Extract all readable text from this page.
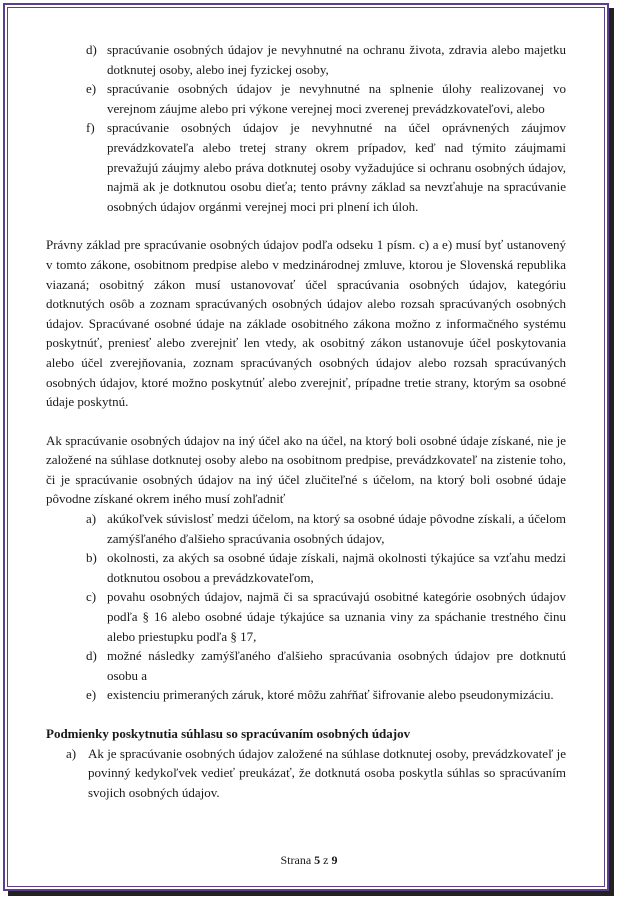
d) spracúvanie osobných údajov je nevyhnutné na ochranu života, zdravia alebo majetku dotknutej osoby, alebo inej fyzickej osoby,
e) spracúvanie osobných údajov je nevyhnutné na splnenie úlohy realizovanej vo verejnom záujme alebo pri výkone verejnej moci zverenej prevádzkovateľovi, alebo
f) spracúvanie osobných údajov je nevyhnutné na účel oprávnených záujmov prevádzkovateľa alebo tretej strany okrem prípadov, keď nad týmito záujmami prevažujú záujmy alebo práva dotknutej osoby vyžadujúce si ochranu osobných údajov, najmä ak je dotknutou osobu dieťa; tento právny základ sa nevzťahuje na spracúvanie osobných údajov orgánmi verejnej moci pri plnení ich úloh.

Právny základ pre spracúvanie osobných údajov podľa odseku 1 písm. c) a e) musí byť ustanovený v tomto zákone, osobitnom predpise alebo v medzinárodnej zmluve, ktorou je Slovenská republika viazaná; osobitný zákon musí ustanovovať účel spracúvania osobných údajov, kategóriu dotknutých osôb a zoznam spracúvaných osobných údajov alebo rozsah spracúvaných osobných údajov. Spracúvané osobné údaje na základe osobitného zákona možno z informačného systému poskytnúť, preniesť alebo zverejniť len vtedy, ak osobitný zákon ustanovuje účel poskytovania alebo účel zverejňovania, zoznam spracúvaných osobných údajov alebo rozsah spracúvaných osobných údajov, ktoré možno poskytnúť alebo zverejniť, prípadne tretie strany, ktorým sa osobné údaje poskytnú.

Ak spracúvanie osobných údajov na iný účel ako na účel, na ktorý boli osobné údaje získané, nie je založené na súhlase dotknutej osoby alebo na osobitnom predpise, prevádzkovateľ na zistenie toho, či je spracúvanie osobných údajov na iný účel zlučiteľné s účelom, na ktorý boli osobné údaje pôvodne získané okrem iného musí zohľadniť

a) akúkoľvek súvislosť medzi účelom, na ktorý sa osobné údaje pôvodne získali, a účelom zamýšľaného ďalšieho spracúvania osobných údajov,
b) okolnosti, za akých sa osobné údaje získali, najmä okolnosti týkajúce sa vzťahu medzi dotknutou osobou a prevádzkovateľom,
c) povahu osobných údajov, najmä či sa spracúvajú osobitné kategórie osobných údajov podľa § 16 alebo osobné údaje týkajúce sa uznania viny za spáchanie trestného činu alebo priestupku podľa § 17,
d) možné následky zamýšľaného ďalšieho spracúvania osobných údajov pre dotknutú osobu a
e) existenciu primeraných záruk, ktoré môžu zahŕňať šifrovanie alebo pseudonymizáciu.
Podmienky poskytnutia súhlasu so spracúvaním osobných údajov
a) Ak je spracúvanie osobných údajov založené na súhlase dotknutej osoby, prevádzkovateľ je povinný kedykoľvek vedieť preukázať, že dotknutá osoba poskytla súhlas so spracúvaním svojich osobných údajov.
Strana 5 z 9
